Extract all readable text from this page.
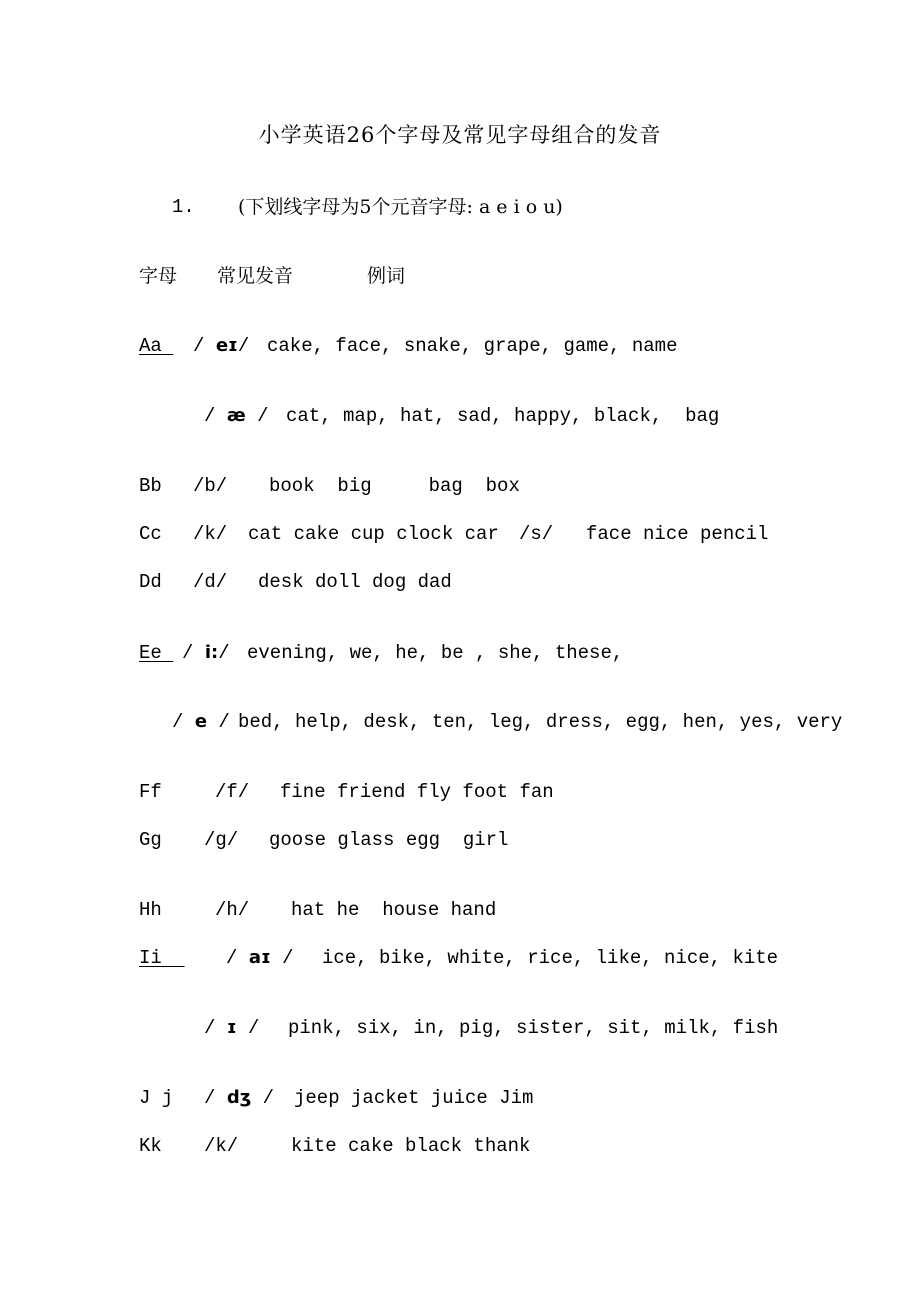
小学英语26个字母及常见字母组合的发音
1. (下划线字母为5个元音字母: a e i o u)
字母 常见发音	例词
Aa / eɪ/ cake, face, snake, grape, game, name
/ æ / cat, map, hat, sad, happy, black,  bag
Bb /b/ book  big     bag  box
Cc /k/ cat cake cup clock car /s/ face nice pencil
Dd /d/ desk doll dog dad
Ee / i:/ evening, we, he, be , she, these,
/ e / bed, help, desk, ten, leg, dress, egg, hen, yes, very
Ff	/f/ fine friend fly foot fan
Gg /g/ goose glass egg  girl
Hh	/h/ hat he  house hand
Ii / aɪ / ice, bike, white, rice, like, nice, kite
/ ɪ / pink, six, in, pig, sister, sit, milk, fish
J j / dʒ / jeep jacket juice Jim
Kk /k/	kite cake black thank
